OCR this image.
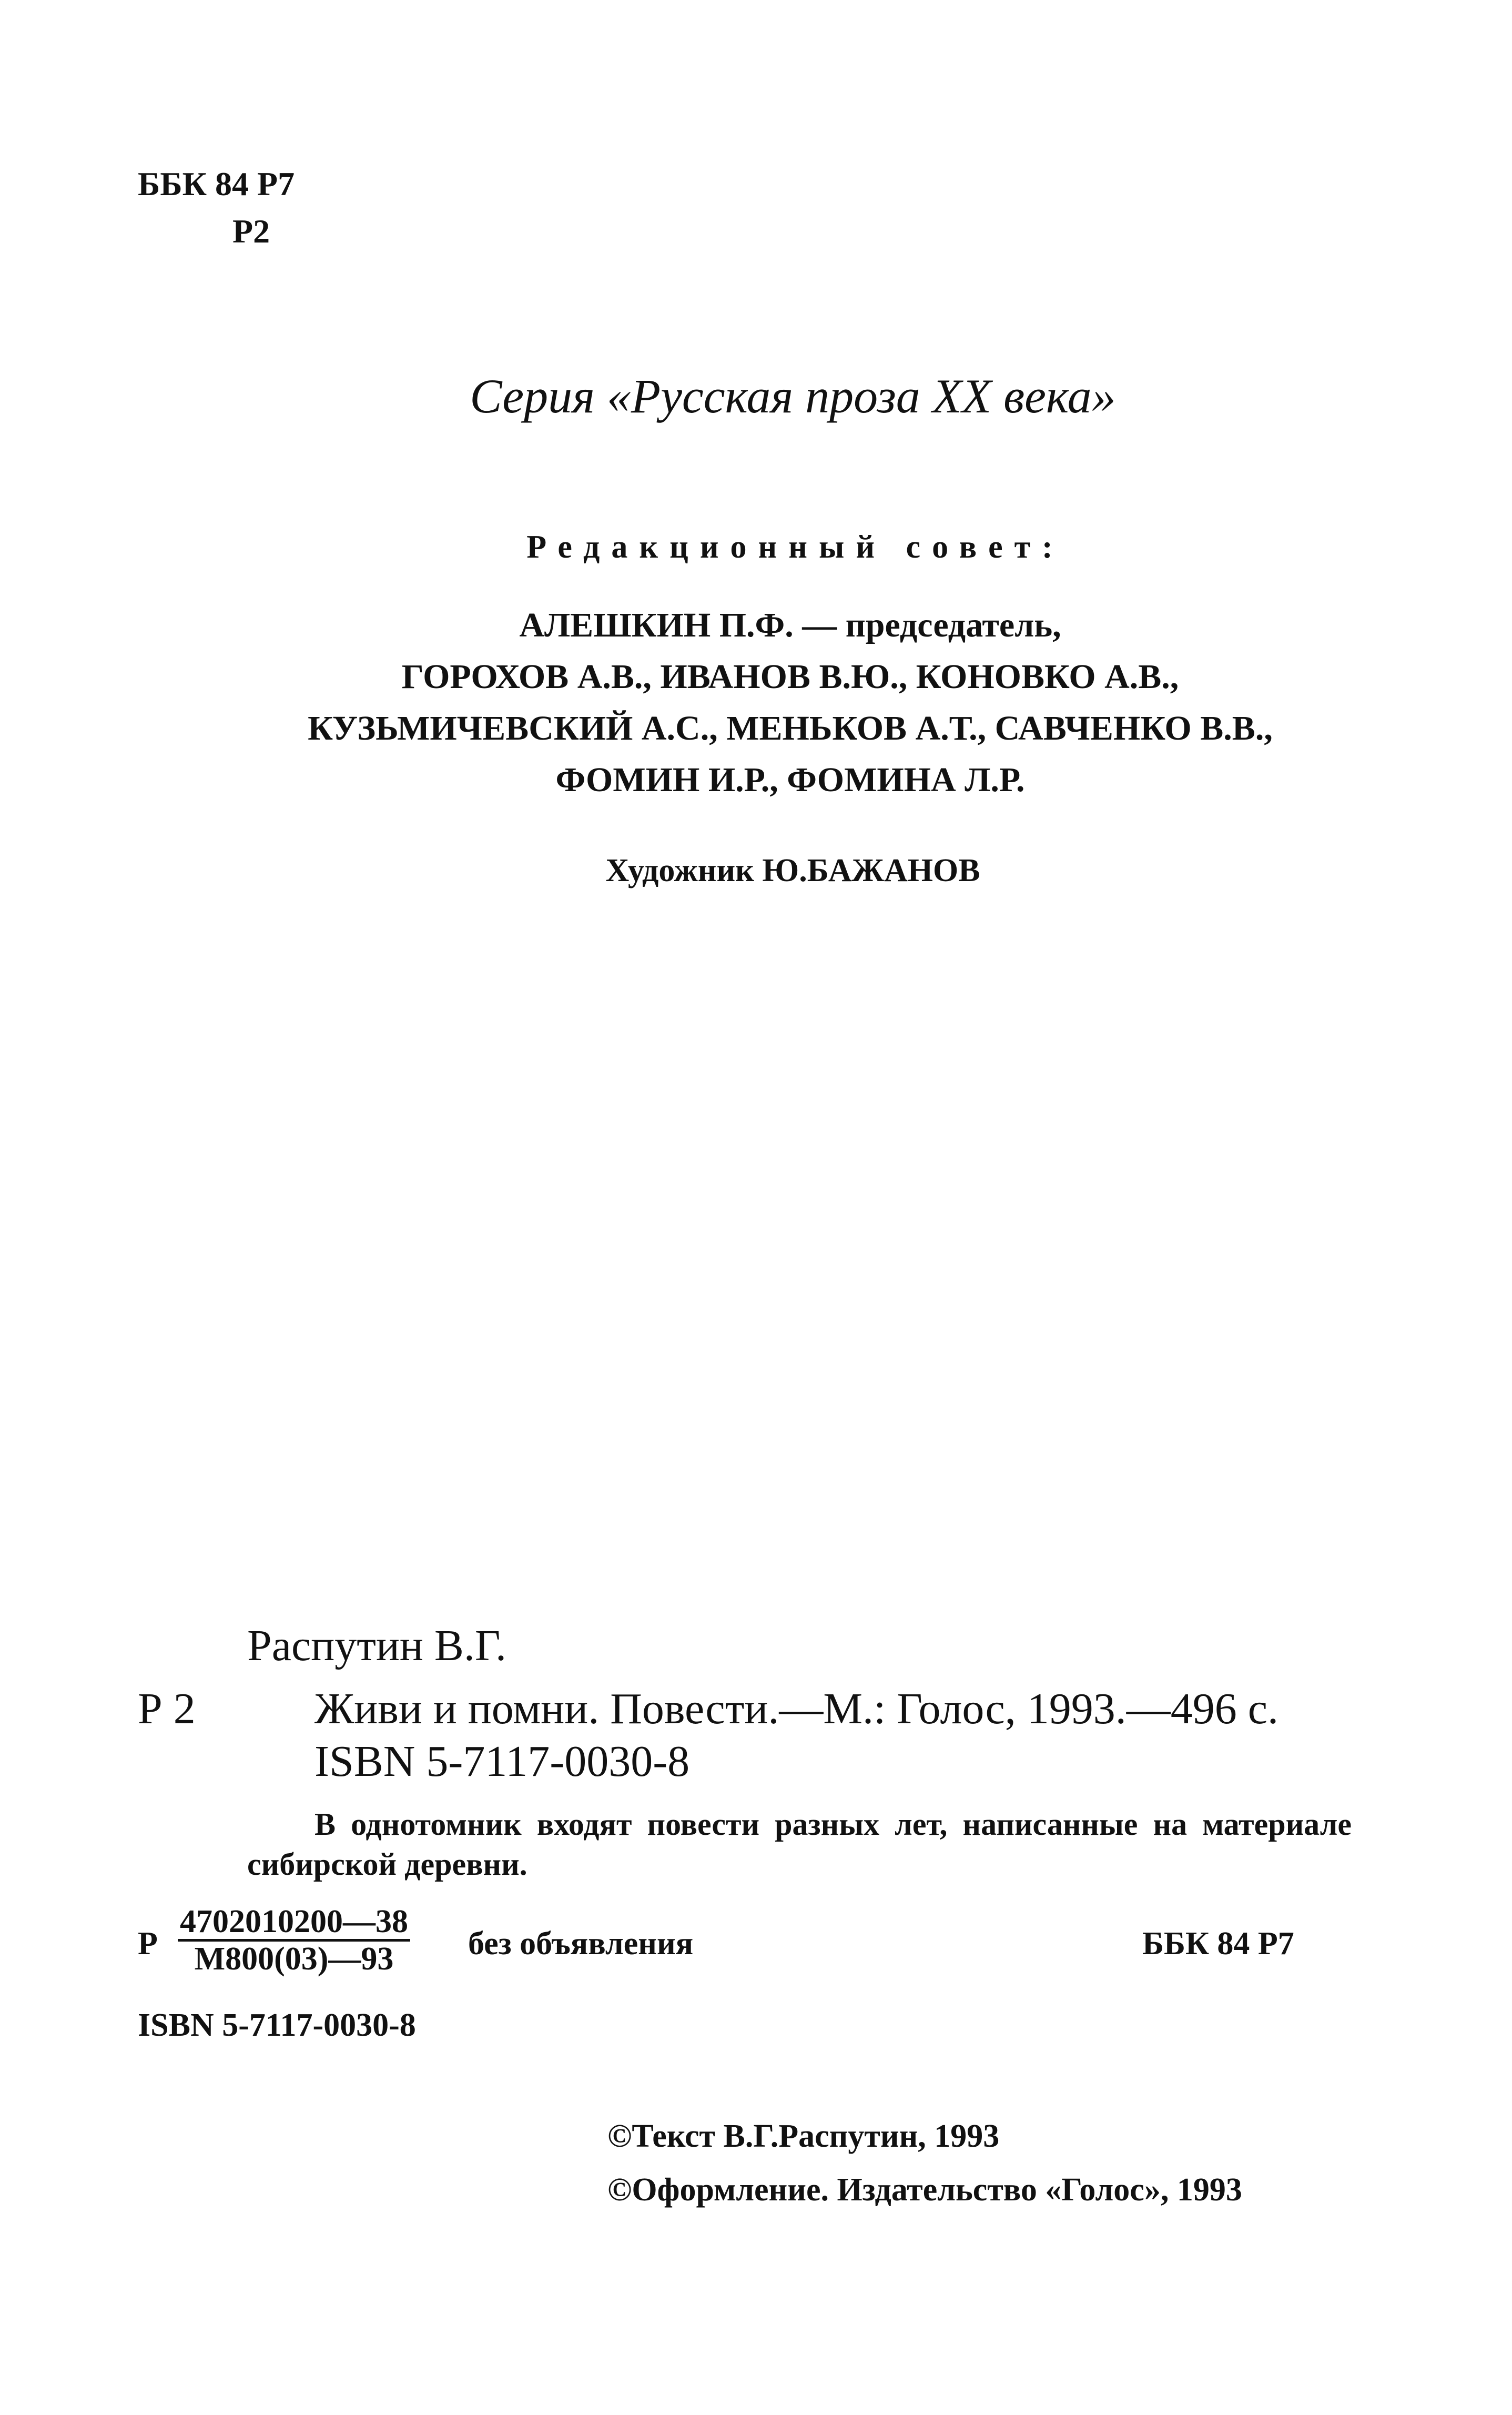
ББК 84 Р7
Р2
Серия «Русская проза XX века»
Редакционный совет:
АЛЕШКИН П.Ф. — председатель,
ГОРОХОВ А.В., ИВАНОВ В.Ю., КОНОВКО А.В.,
КУЗЬМИЧЕВСКИЙ А.С., МЕНЬКОВ А.Т., САВЧЕНКО В.В.,
ФОМИН И.Р., ФОМИНА Л.Р.
Художник Ю.БАЖАНОВ
Распутин В.Г.
Р 2	Живи и помни. Повести.—М.: Голос, 1993.—496 с.
ISBN 5-7117-0030-8
В однотомник входят повести разных лет, написанные на материале сибирской деревни.
Р
4702010200—38
М800(03)—93	без объявления	ББК 84 Р7
ISBN 5-7117-0030-8
©Текст В.Г.Распутин, 1993
©Оформление. Издательство «Голос», 1993
